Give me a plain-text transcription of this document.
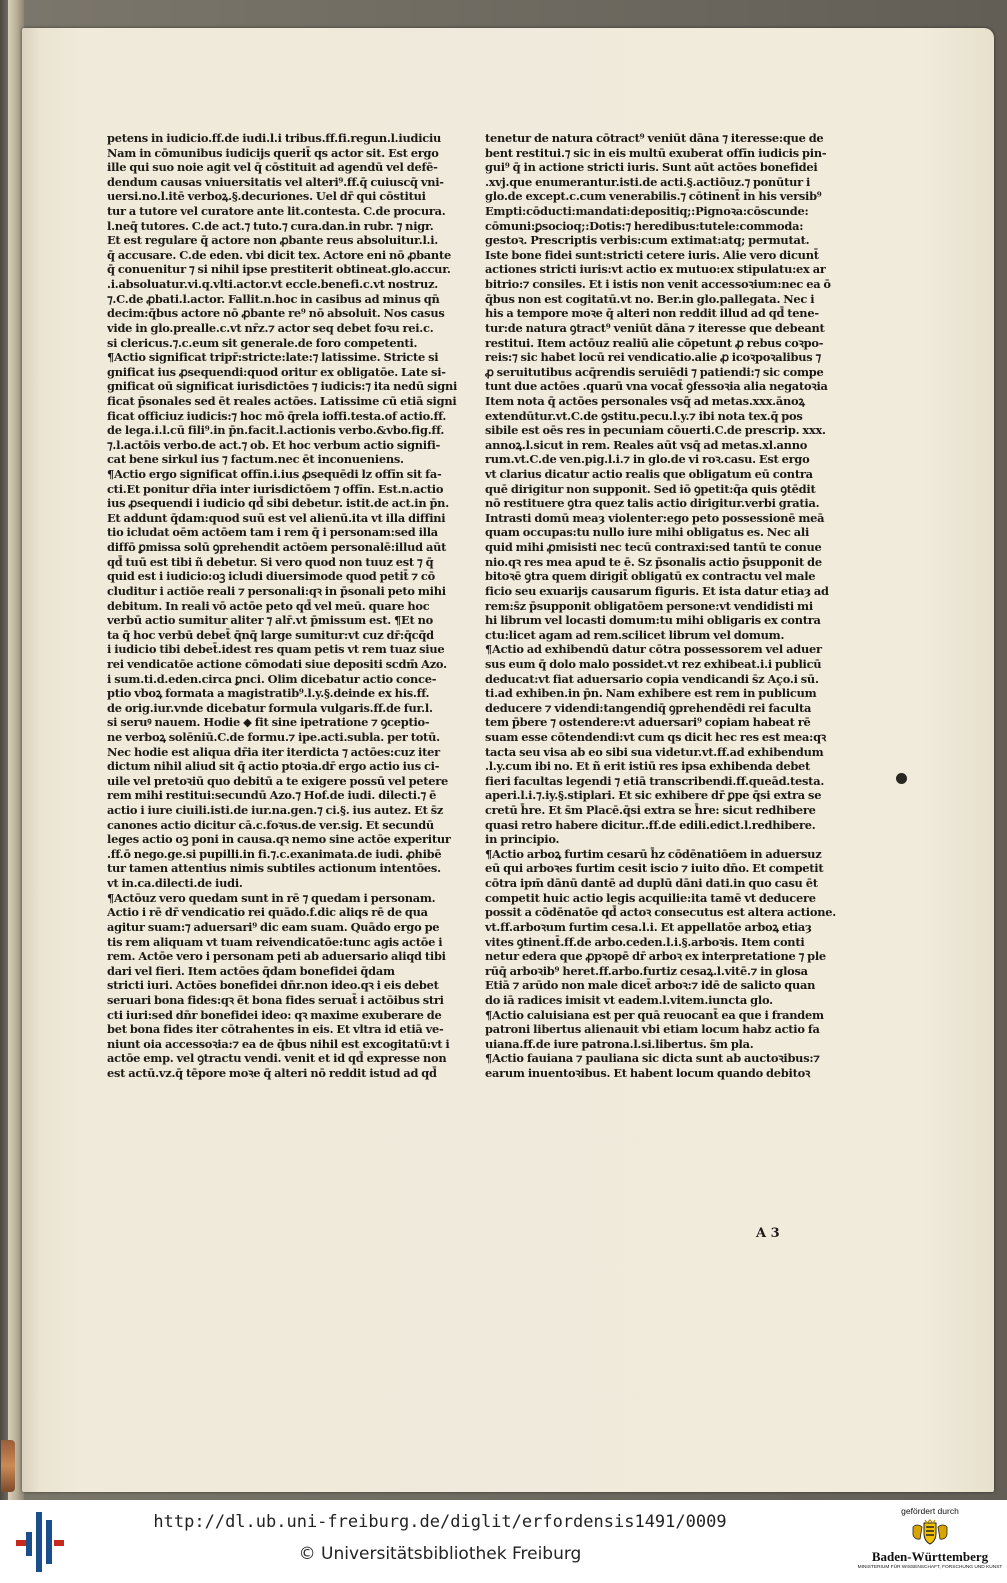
petens in iudicio.ff.de iudi.l.i tribus.ff.fi.regun.l.iudiciu
Nam in cōmunibus iudicijs querit̄ qs actor sit. Est ergo
ille qui suo noie agit vel q̄ cōstituit ad agendū vel defē-
dendum causas vniuersitatis vel alteri⁹.ff.q̄ cuiuscq̄ vni-
uersi.no.l.itē verboꝝ.§.decuriones. Uel dr̄ qui cōstitui
tur a tutore vel curatore ante lit.contesta. C.de procura.
l.neq̄ tutores. C.de act.⁊ tuto.⁊ cura.dan.in rubr. ⁊ nigr.
Et est regulare q̄ actore non ꝓbante reus absoluitur.l.i.
q̄ accusare. C.de eden. vbi dicit tex. Actore eni nō ꝓbante
q̄ conuenitur ⁊ si nihil ipse prestiterit obtineat.glo.accur.
.i.absoluatur.vi.q.vlti.actor.vt eccle.benefi.c.vt nostruz.
⁊.C.de ꝓbati.l.actor. Fallit.n.hoc in casibus ad minus qn̄
decim:q̄bus actore nō ꝓbante re⁹ nō absoluit. Nos casus
vide in glo.prealle.c.vt nr̄z.⁊ actor seq debet foꝛu rei.c.
si clericus.⁊.c.eum sit generale.de foro competenti.
¶Actio significat tripr̄:stricte:late:⁊ latissime. Stricte si
gnificat ius ꝓsequendi:quod oritur ex obligatōe. Late si-
gnificat oū significat iurisdictōes ⁊ iudicis:⁊ ita nedū signi
ficat p̄sonales sed ēt reales actōes. Latissime cū etiā signi
ficat officiuz iudicis:⁊ hoc mō q̄rela ioffi.testa.of actio.ff.
de lega.i.l.cū fili⁹.in p̄n.facit.l.actionis verbo.&vbo.fig.ff.
⁊.l.actōis verbo.de act.⁊ ob. Et hoc verbum actio signifi-
cat bene sirkul ius ⁊ factum.nec ēt inconueniens.
¶Actio ergo significat offīn.i.ius ꝓsequēdi lz offīn sit fa-
cti.Et ponitur dr̄ia inter iurisdictōem ⁊ offīn. Est.n.actio
ius ꝓsequendi i iudicio qd̄ sibi debetur. istit.de act.in p̄n.
Et addunt q̄dam:quod suū est vel alienū.ita vt illa diffini
tio icludat oēm actōem tam i rem q̄ i personam:sed illa
diffō ꝑmissa solū ꝯprehendit actōem personalē:illud aūt
qd̄ tuū est tibi ñ debetur. Si vero quod non tuuz est ⁊ q̄
quid est i iudicio:oꝫ icludi diuersimode quod petit̄ ⁊ cō
cluditur i actiōe reali ⁊ personali:qꝛ in p̄sonali peto mihi
debitum. In reali vō actōe peto qd̄ vel meū. quare hoc
verbū actio sumitur aliter ⁊ alr̄.vt p̄missum est. ¶Et no
ta q̄ hoc verbū debet̄ q̄nq̄ large sumitur:vt cuz dr̄:q̄cq̄d
i iudicio tibi debet̄.idest res quam petis vt rem tuaz siue
rei vendicatōe actione cōmodati siue depositi scdm̄ Azo.
i sum.ti.d.eden.circa ꝑnci. Olim dicebatur actio conce-
ptio vboꝝ formata a magistratib⁹.l.y.§.deinde ex his.ff.
de orig.iur.vnde dicebatur formula vulgaris.ff.de fur.l.
si seruꝰ nauem. Hodie ◆ fit sine ipetratione ⁊ ꝯceptio-
ne verboꝝ solēniū.C.de formu.⁊ ipe.acti.subla. per totū.
Nec hodie est aliqua dr̄ia iter iterdicta ⁊ actōes:cuz iter
dictum nihil aliud sit q̄ actio ptoꝛia.dr̄ ergo actio ius ci-
uile vel pretoꝛiū quo debitū a te exigere possū vel petere
rem mihi restitui:secundū Azo.⁊ Hof.de iudi. dilecti.⁊ ē
actio i iure ciuili.isti.de iur.na.gen.⁊ ci.§. ius autez. Et s̄z
canones actio dicitur cā.c.foꝛus.de ver.sig. Et secundū
leges actio oꝫ poni in causa.qꝛ nemo sine actōe experitur
.ff.ō nego.ge.si pupilli.in fi.⁊.c.exanimata.de iudi. ꝓhibē
tur tamen attentius nimis subtiles actionum intentōes.
vt in.ca.dilecti.de iudi.
¶Actōuz vero quedam sunt in rē ⁊ quedam i personam.
Actio i rē dr̄ vendicatio rei quādo.f.dic aliqs rē de qua
agitur suam:⁊ aduersari⁹ dic eam suam. Quādo ergo pe
tis rem aliquam vt tuam reivendicatōe:tunc agis actōe i
rem. Actōe vero i personam peti ab aduersario aliqd tibi
dari vel fieri. Item actōes q̄dam bonefidei q̄dam
stricti iuri. Actōes bonefidei dn̄r.non ideo.qꝛ i eis debet
seruari bona fides:qꝛ ēt bona fides seruat̄ i actōibus stri
cti iuri:sed dn̄r bonefidei ideo: qꝛ maxime exuberare de
bet bona fides iter cōtrahentes in eis. Et vltra id etiā ve-
niunt oia accessoꝛia:⁊ ea de q̄bus nihil est excogitatū:vt i
actōe emp. vel ꝯtractu vendi. venit et id qd̄ expresse non
est actū.vz.q̄ tēpore moꝛe q̄ alteri nō reddit istud ad qd̄
tenetur de natura cōtract⁹ veniūt dāna ⁊ iteresse:que de
bent restitui.⁊ sic in eis multū exuberat offīn iudicis pin-
gui⁹ q̄ in actione stricti iuris. Sunt aūt actōes bonefidei
.xvj.que enumerantur.isti.de acti.§.actiōuz.⁊ ponūtur i
glo.de except.c.cum venerabilis.⁊ cōtinent̄ in his versib⁹
Empti:cōducti:mandati:depositiq;:Pignoꝛa:cōscunde:
cōmuni:ꝑsocioq;:Dotis:⁊ heredibus:tutele:commoda:
gestoꝛ. Prescriptis verbis:cum extimat:atq; permutat.
Iste bone fidei sunt:stricti cetere iuris. Alie vero dicunt̄
actiones stricti iuris:vt actio ex mutuo:ex stipulatu:ex ar
bitrio:⁊ consiles. Et i istis non venit accessoꝛium:nec ea ō
q̄bus non est cogitatū.vt no. Ber.in glo.pallegata. Nec i
his a tempore moꝛe q̄ alteri non reddit illud ad qd̄ tene-
tur:de natura ꝯtract⁹ veniūt dāna ⁊ iteresse que debeant
restitui. Item actōuz realiū alie cōpetunt ꝓ rebus coꝛpo-
reis:⁊ sic habet locū rei vendicatio.alie ꝓ icoꝛpoꝛalibus ⁊
ꝓ seruitutibus acq̄rendis seruiēdi ⁊ patiendi:⁊ sic compe
tunt due actōes .quarū vna vocat̄ ꝯfessoꝛia alia negatoꝛia
Item nota q̄ actōes personales vsq̄ ad metas.xxx.ānoꝝ
extendūtur.vt.C.de ꝯstitu.pecu.l.y.⁊ ibi nota tex.q̄ pos
sibile est oēs res in pecuniam cōuerti.C.de prescrip. xxx.
annoꝝ.l.sicut in rem. Reales aūt vsq̄ ad metas.xl.anno
rum.vt.C.de ven.pig.l.i.⁊ in glo.de vi roꝛ.casu. Est ergo
vt clarius dicatur actio realis que obligatum eū contra
quē dirigitur non supponit. Sed iō ꝯpetit:q̄a quis ꝯtēdit
nō restituere ꝯtra quez talis actio dirigitur.verbi gratia.
Intrasti domū meaȝ violenter:ego peto possessionē meā
quam occupas:tu nullo iure mihi obligatus es. Nec ali
quid mihi ꝓmisisti nec tecū contraxi:sed tantū te conue
nio.qꝛ res mea apud te ē. Sz p̄sonalis actio p̄supponit de
bitoꝛē ꝯtra quem dirigit̄ obligatū ex contractu vel male
ficio seu exuarijs causarum figuris. Et ista datur etiaȝ ad
rem:s̄z p̄supponit obligatōem persone:vt vendidisti mi
hi librum vel locasti domum:tu mihi obligaris ex contra
ctu:licet agam ad rem.scilicet librum vel domum.
¶Actio ad exhibendū datur cōtra possessorem vel aduer
sus eum q̄ dolo malo possidet.vt rez exhibeat.i.i publicū
deducat:vt fiat aduersario copia vendicandi s̄z Aço.i sū.
ti.ad exhiben.in p̄n. Nam exhibere est rem in publicum
deducere ⁊ videndi:tangendiq̄ ꝯprehendēdi rei faculta
tem p̄bere ⁊ ostendere:vt aduersari⁹ copiam habeat rē
suam esse cōtendendi:vt cum qs dicit hec res est mea:qꝛ
tacta seu visa ab eo sibi sua videtur.vt.ff.ad exhibendum
.l.y.cum ibi no. Et ñ erit istiū res ipsa exhibenda debet
fieri facultas legendi ⁊ etiā transcribendi.ff.queād.testa.
aperi.l.i.⁊.iy.§.stiplari. Et sic exhibere dr̄ ꝑpe q̄si extra se
cretū h̄re. Et s̄m Placē.q̄si extra se h̄re: sicut redhibere
quasi retro habere dicitur..ff.de edili.edict.l.redhibere.
in principio.
¶Actio arboꝝ furtim cesarū h̄z cōdēnatiōem in aduersuz
eū qui arboꝛes furtim cesit iscio ⁊ iuito dn̄o. Et competit
cōtra ipm̄ dānū dantē ad duplū dāni dati.in quo casu ēt
competit huic actio legis acquilie:ita tamē vt deducere
possit a cōdēnatōe qd̄ actoꝛ consecutus est altera actione.
vt.ff.arboꝛum furtim cesa.l.i. Et appellatōe arboꝝ etiaȝ
vites ꝯtinent̄.ff.de arbo.ceden.l.i.§.arboꝛis. Item conti
netur edera que ꝓpꝛopē dr̄ arboꝛ ex interpretatione ⁊ ple
rūq̄ arboꝛib⁹ heret.ff.arbo.furtiz cesaꝝ.l.vitē.⁊ in glosa
Etiā ⁊ arūdo non male dicet̄ arboꝛ:⁊ idē de salicto quan
do iā radices imisit vt eadem.l.vitem.iuncta glo.
¶Actio caluisiana est per quā reuocant̄ ea que i frandem
patroni libertus alienauit vbi etiam locum habz actio fa
uiana.ff.de iure patrona.l.si.libertus. s̄m pla.
¶Actio fauiana ⁊ pauliana sic dicta sunt ab auctoꝛibus:⁊
earum inuentoꝛibus. Et habent locum quando debitoꝛ
A 3
http://dl.ub.uni-freiburg.de/diglit/erfordensis1491/0009
© Universitätsbibliothek Freiburg
gefördert durch
Baden-Württemberg
MINISTERIUM FÜR WISSENSCHAFT, FORSCHUNG UND KUNST
